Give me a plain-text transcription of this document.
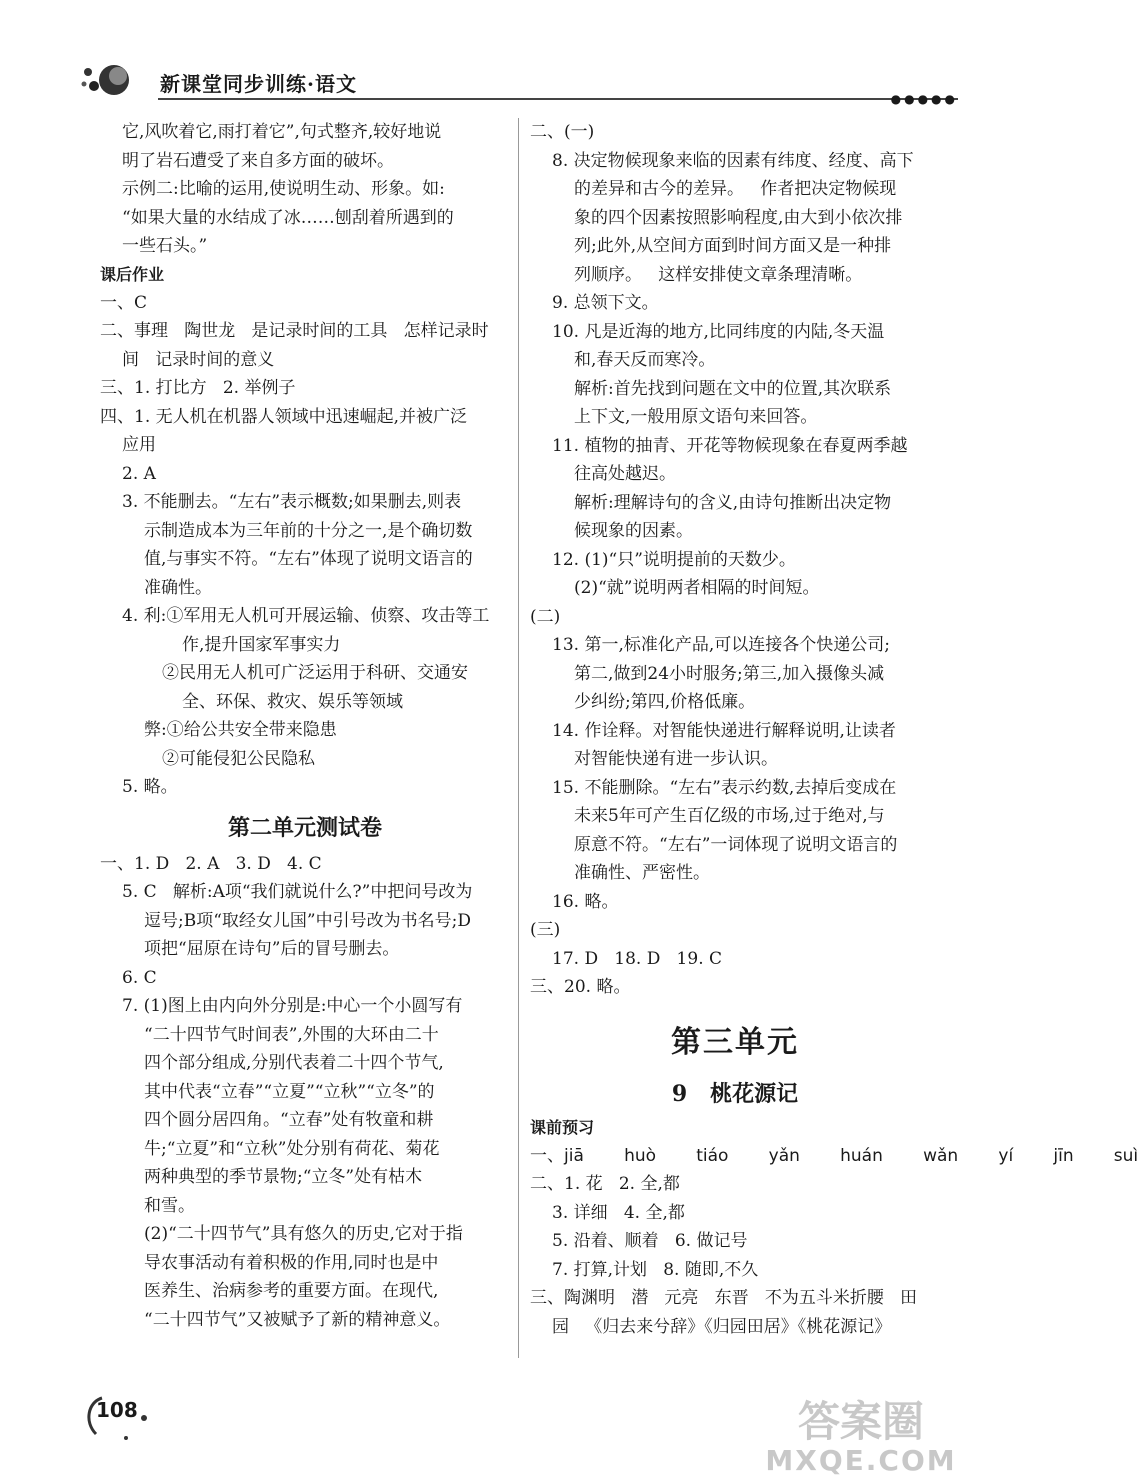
新课堂同步训练·语文
●●●●●
它,风吹着它,雨打着它”,句式整齐,较好地说
明了岩石遭受了来自多方面的破坏。
示例二:比喻的运用,使说明生动、形象。如:
“如果大量的水结成了冰……刨刮着所遇到的
一些石头。”
课后作业
一、C
二、事理   陶世龙   是记录时间的工具   怎样记录时
间   记录时间的意义
三、1. 打比方   2. 举例子
四、1. 无人机在机器人领域中迅速崛起,并被广泛
应用
2. A
3. 不能删去。“左右”表示概数;如果删去,则表
示制造成本为三年前的十分之一,是个确切数
值,与事实不符。“左右”体现了说明文语言的
准确性。
4. 利:①军用无人机可开展运输、侦察、攻击等工
作,提升国家军事实力
②民用无人机可广泛运用于科研、交通安
全、环保、救灾、娱乐等领域
弊:①给公共安全带来隐患
②可能侵犯公民隐私
5. 略。
第二单元测试卷
一、1. D   2. A   3. D   4. C
5. C   解析:A项“我们就说什么?”中把问号改为
逗号;B项“取经女儿国”中引号改为书名号;D
项把“屈原在诗句”后的冒号删去。
6. C
7. (1)图上由内向外分别是:中心一个小圆写有
“二十四节气时间表”,外围的大环由二十
四个部分组成,分别代表着二十四个节气,
其中代表“立春”“立夏”“立秋”“立冬”的
四个圆分居四角。“立春”处有牧童和耕
牛;“立夏”和“立秋”处分别有荷花、菊花
两种典型的季节景物;“立冬”处有枯木
和雪。
(2)“二十四节气”具有悠久的历史,它对于指
导农事活动有着积极的作用,同时也是中
医养生、治病参考的重要方面。在现代,
“二十四节气”又被赋予了新的精神意义。
二、(一)
8. 决定物候现象来临的因素有纬度、经度、高下
的差异和古今的差异。   作者把决定物候现
象的四个因素按照影响程度,由大到小依次排
列;此外,从空间方面到时间方面又是一种排
列顺序。   这样安排使文章条理清晰。
9. 总领下文。
10. 凡是近海的地方,比同纬度的内陆,冬天温
和,春天反而寒冷。
解析:首先找到问题在文中的位置,其次联系
上下文,一般用原文语句来回答。
11. 植物的抽青、开花等物候现象在春夏两季越
往高处越迟。
解析:理解诗句的含义,由诗句推断出决定物
候现象的因素。
12. (1)“只”说明提前的天数少。
(2)“就”说明两者相隔的时间短。
(二)
13. 第一,标准化产品,可以连接各个快递公司;
第二,做到24小时服务;第三,加入摄像头减
少纠纷;第四,价格低廉。
14. 作诠释。对智能快递进行解释说明,让读者
对智能快递有进一步认识。
15. 不能删除。“左右”表示约数,去掉后变成在
未来5年可产生百亿级的市场,过于绝对,与
原意不符。“左右”一词体现了说明文语言的
准确性、严密性。
16. 略。
(三)
17. D   18. D   19. C
三、20. 略。
第三单元
9   桃花源记
课前预习
一、jiā   huò   tiáo   yǎn   huán   wǎn   yí   jīn   suì
二、1. 花   2. 全,都
3. 详细   4. 全,都
5. 沿着、顺着   6. 做记号
7. 打算,计划   8. 随即,不久
三、陶渊明   潜   元亮   东晋   不为五斗米折腰   田
园   《归去来兮辞》《归园田居》《桃花源记》
108	答案圈
MXQE.COM
